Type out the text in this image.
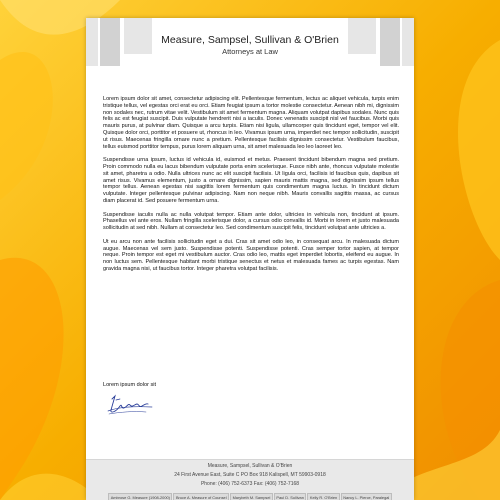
Measure, Sampsel, Sullivan & O'Brien
Attorneys at Law

Lorem ipsum dolor sit amet, consectetur adipiscing elit. Pellentesque fermentum, lectus ac aliquet vehicula, turpis enim tristique tellus, vel egestas orci erat eu orci. Etiam feugiat ipsum a tortor molestie consectetur. Aenean nibh mi, dignissim non sodales nec, rutrum vitae velit. Vestibulum sit amet fermentum magna. Aliquam volutpat dapibus sodales. Nunc quis felis ac est feugiat suscipit. Duis vulputate hendrerit nisi a iaculis. Donec venenatis suscipit nisl vel faucibus. Morbi quis mauris purus, at pulvinar diam. Quisque a arcu turpis. Etiam nisi ligula, ullamcorper quis tincidunt eget, tempor vel elit. Quisque dolor orci, porttitor et posuere ut, rhoncus in leo. Vivamus ipsum urna, imperdiet nec tempor sollicitudin, suscipit ut risus. Maecenas fringilla ornare nunc a pretium. Pellentesque facilisis dignissim consectetur. Vestibulum faucibus, tellus euismod porttitor tempus, purus lorem aliquam urna, sit amet malesuada leo leo laoreet leo.

Suspendisse urna ipsum, luctus id vehicula id, euismod et metus. Praesent tincidunt bibendum magna sed pretium. Proin commodo nulla eu lacus bibendum vulputate porta enim scelerisque. Fusce nibh ante, rhoncus vulputate molestie sit amet, pharetra a odio. Nulla ultrices nunc ac elit suscipit facilisis. Ut ligula orci, facilisis id faucibus quis, dapibus sit amet risus. Vivamus elementum, justo a ornare dignissim, sapien mauris mattis magna, sed dignissim ipsum tellus tempor tellus. Aenean egestas nisi sagittis lorem fermentum quis condimentum magna luctus. In tincidunt dictum vulputate. Integer pellentesque pulvinar adipiscing. Nam non neque nibh. Mauris convallis sagittis massa, ac cursus diam placerat id. Sed posuere fermentum urna.

Suspendisse iaculis nulla ac nulla volutpat tempor. Etiam ante dolor, ultricies in vehicula non, tincidunt at ipsum. Phasellus vel ante eros. Nullam fringilla scelerisque dolor, a cursus odio convallis id. Morbi in lorem et justo malesuada sollicitudin at sed nibh. Nullam at consectetur leo. Sed condimentum suscipit felis, tincidunt volutpat ante ultricies a.

Ut eu arcu non ante facilisis sollicitudin eget a dui. Cras sit amet odio leo, in consequat arcu. In malesuada dictum augue. Maecenas vel sem justo. Suspendisse potenti. Suspendisse potenti. Cras semper tortor sapien, at tempor neque. Proin tempor est eget mi vestibulum auctor. Cras odio leo, mattis eget imperdiet lobortis, eleifend eu augue. In non luctus sem. Pellentesque habitant morbi tristique senectus et netus et malesuada fames ac turpis egestas. Nam gravida magna nisi, ut faucibus tortor. Integer pharetra volutpat facilisis.

Lorem ipsum dolor sit
Measure, Sampsel, Sullivan & O'Brien
24 First Avenue East, Suite C PO Box 918 Kalispell, MT 59903-0918
Phone: (406) 752-6373 Fax: (406) 752-7168
Ambrose G. Measure (1908-2000)	Bruce A. Measure of Counsel	Marybeth M. Sampsel	Paul D. Sullivan	Kelly R. O'Brien	Nancy L. Pierce, Paralegal
